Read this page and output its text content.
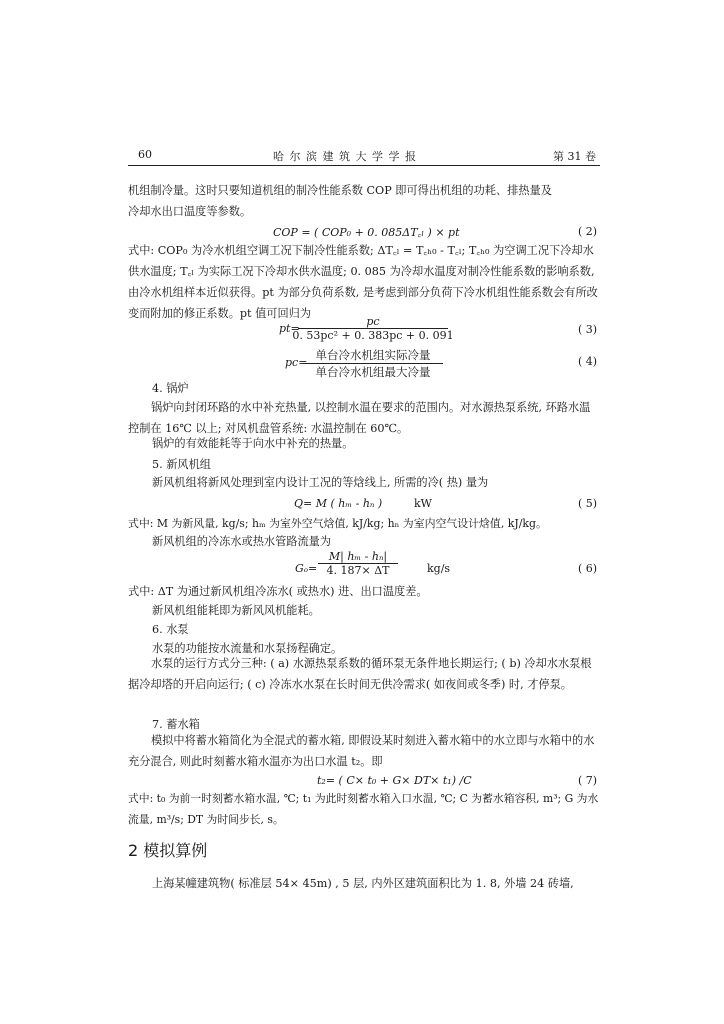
60	哈 尔 滨 建 筑 大 学 学 报	第 31 卷
机组制冷量。这时只要知道机组的制冷性能系数 COP 即可得出机组的功耗、排热量及
冷却水出口温度等参数。
COP = ( COP₀ + 0. 085ΔT꜀ₗ ) × pt	( 2)
式中: COP₀ 为冷水机组空调工况下制冷性能系数; ΔT꜀ₗ = T꜀ₕ₀ - T꜀ₗ; T꜀ₕ₀ 为空调工况下冷却水供水温度; T꜀ₗ 为实际工况下冷却水供水温度; 0. 085 为冷却水温度对制冷性能系数的影响系数, 由冷水机组样本近似获得。pt 为部分负荷系数, 是考虑到部分负荷下冷水机组性能系数会有所改变而附加的修正系数。pt 值可回归为
pt=
pc
0. 53pc² + 0. 383pc + 0. 091	( 3)
pc=
单台冷水机组实际冷量
单台冷水机组最大冷量
( 4)
4. 锅炉
锅炉向封闭环路的水中补充热量, 以控制水温在要求的范围内。对水源热泵系统, 环路水温控制在 16℃ 以上; 对风机盘管系统: 水温控制在 60℃。
锅炉的有效能耗等于向水中补充的热量。
5. 新风机组
新风机组将新风处理到室内设计工况的等焓线上, 所需的冷( 热) 量为
Q= M ( hₘ - hₙ )	kW	( 5)
式中: M 为新风量, kg/s; hₘ 为室外空气焓值, kJ/kg; hₙ 为室内空气设计焓值, kJ/kg。
新风机组的冷冻水或热水管路流量为
Gₒ=
M| hₘ - hₙ|
4. 187× ΔT	kg/s	( 6)
式中: ΔT 为通过新风机组冷冻水( 或热水) 进、出口温度差。
新风机组能耗即为新风风机能耗。
6. 水泵
水泵的功能按水流量和水泵扬程确定。
水泵的运行方式分三种: ( a) 水源热泵系数的循环泵无条件地长期运行; ( b) 冷却水水泵根据冷却塔的开启向运行; ( c) 冷冻水水泵在长时间无供冷需求( 如夜间或冬季) 时, 才停泵。
7. 蓄水箱
模拟中将蓄水箱简化为全混式的蓄水箱, 即假设某时刻进入蓄水箱中的水立即与水箱中的水充分混合, 则此时刻蓄水箱水温亦为出口水温 t₂。即
t₂= ( C× t₀ + G× DT× t₁) /C	( 7)
式中: t₀ 为前一时刻蓄水箱水温, ℃; t₁ 为此时刻蓄水箱入口水温, ℃; C 为蓄水箱容积, m³; G 为水流量, m³/s; DT 为时间步长, s。
2 模拟算例
上海某幢建筑物( 标准层 54× 45m) , 5 层, 内外区建筑面积比为 1. 8, 外墙 24 砖墙,
